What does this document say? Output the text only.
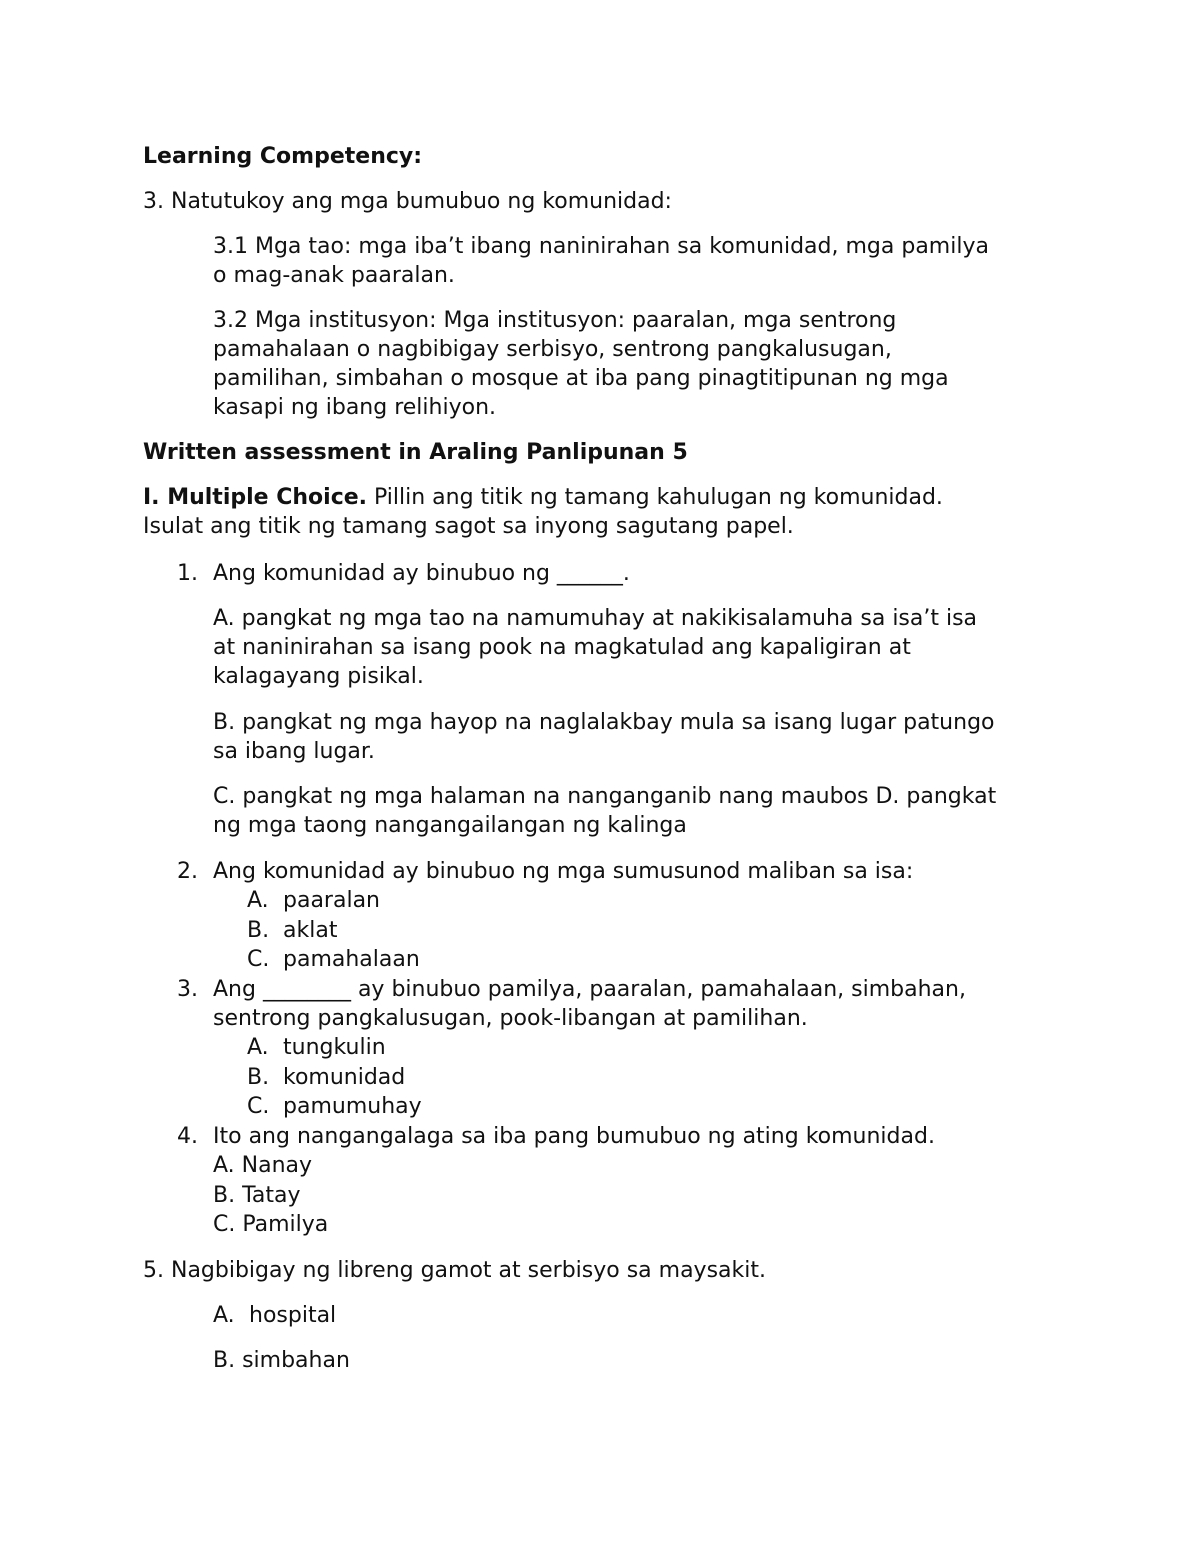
Learning Competency:

3. Natutukoy ang mga bumubuo ng komunidad:

3.1 Mga tao: mga iba’t ibang naninirahan sa komunidad, mga pamilya

o mag-anak paaralan.

3.2 Mga institusyon: Mga institusyon: paaralan, mga sentrong

pamahalaan o nagbibigay serbisyo, sentrong pangkalusugan,

pamilihan, simbahan o mosque at iba pang pinagtitipunan ng mga

kasapi ng ibang relihiyon.

Written assessment in Araling Panlipunan 5

I. Multiple Choice. Pillin ang titik ng tamang kahulugan ng komunidad.

Isulat ang titik ng tamang sagot sa inyong sagutang papel.

1. Ang komunidad ay binubuo ng ______.

A. pangkat ng mga tao na namumuhay at nakikisalamuha sa isa’t isa

at naninirahan sa isang pook na magkatulad ang kapaligiran at

kalagayang pisikal.

B. pangkat ng mga hayop na naglalakbay mula sa isang lugar patungo

sa ibang lugar.

C. pangkat ng mga halaman na nanganganib nang maubos D. pangkat

ng mga taong nangangailangan ng kalinga

2. Ang komunidad ay binubuo ng mga sumusunod maliban sa isa:

A. paaralan

B. aklat

C. pamahalaan

3. Ang ________ ay binubuo pamilya, paaralan, pamahalaan, simbahan,

sentrong pangkalusugan, pook-libangan at pamilihan.

A. tungkulin

B. komunidad

C. pamumuhay

4. Ito ang nangangalaga sa iba pang bumubuo ng ating komunidad.

A. Nanay

B. Tatay

C. Pamilya

5. Nagbibigay ng libreng gamot at serbisyo sa maysakit.

A. hospital

B. simbahan
